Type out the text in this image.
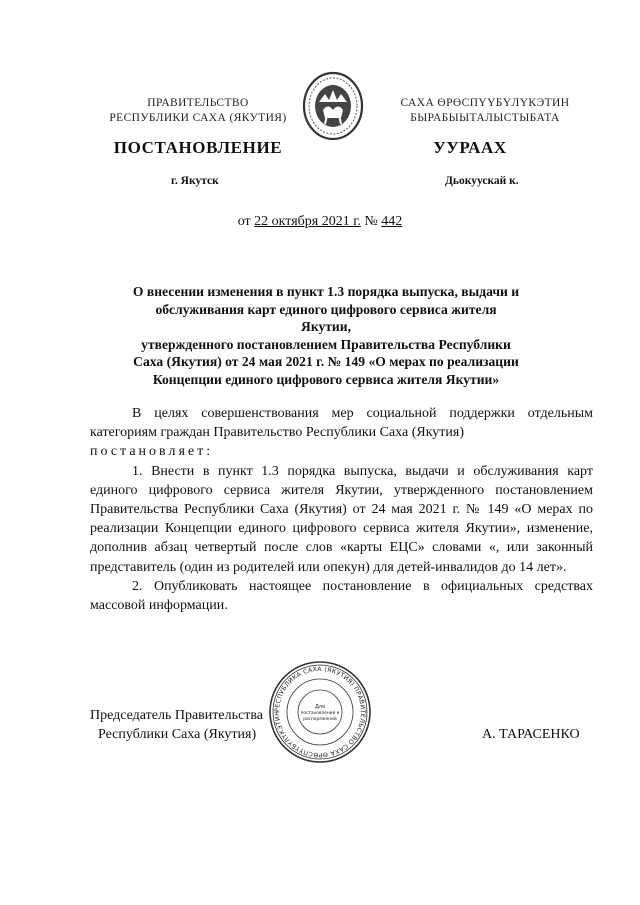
ПРАВИТЕЛЬСТВО
РЕСПУБЛИКИ САХА (ЯКУТИЯ)
САХА ӨРӨСПҮҮБҮЛҮКЭТИН
БЫРАБЫЫТАЛЫСТЫБАТА
ПОСТАНОВЛЕНИЕ	УУРААХ
г. Якутск	Дьокуускай к.
от 22 октября 2021 г. № 442
О внесении изменения в пункт 1.3 порядка выпуска, выдачи и
обслуживания карт единого цифрового сервиса жителя Якутии,
утвержденного постановлением Правительства Республики
Саха (Якутия) от 24 мая 2021 г. № 149 «О мерах по реализации
Концепции единого цифрового сервиса жителя Якутии»

В целях совершенствования мер социальной поддержки отдельным категориям граждан Правительство Республики Саха (Якутия)
постановляет:

1. Внести в пункт 1.3 порядка выпуска, выдачи и обслуживания карт единого цифрового сервиса жителя Якутии, утвержденного постановлением Правительства Республики Саха (Якутия) от 24 мая 2021 г. № 149 «О мерах по реализации Концепции единого цифрового сервиса жителя Якутии», изменение, дополнив абзац четвертый после слов «карты ЕЦС» словами «, или законный представитель (один из родителей или опекун) для детей-инвалидов до 14 лет».

2. Опубликовать настоящее постановление в официальных средствах массовой информации.

Председатель Правительства
Республики Саха (Якутия)	А. ТАРАСЕНКО
РЕСПУБЛИКА САХА (ЯКУТИЯ) ПРАВИТЕЛЬСТВО САХА ӨРӨСПҮҮБҮЛҮКЭТИН
Для
постановлений и
распоряжений
